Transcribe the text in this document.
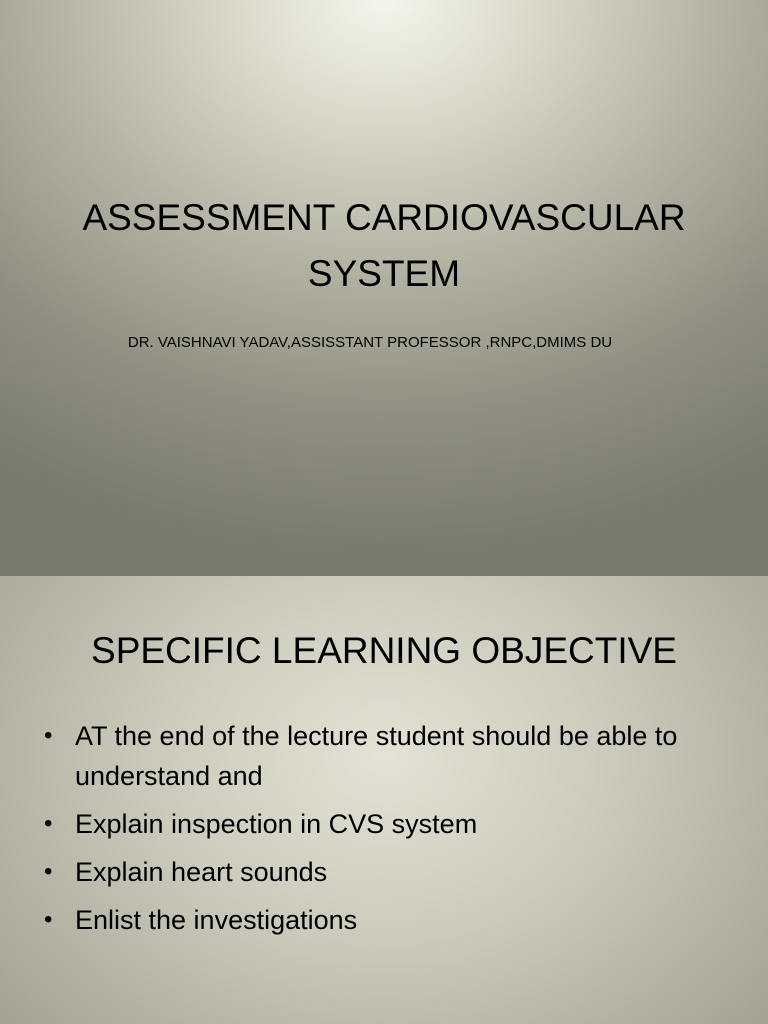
ASSESSMENT CARDIOVASCULAR SYSTEM

DR. VAISHNAVI YADAV,ASSISSTANT PROFESSOR ,RNPC,DMIMS DU

SPECIFIC LEARNING OBJECTIVE
• AT the end of the lecture student should be able to understand and
• Explain inspection in CVS system
• Explain heart sounds
• Enlist the investigations
